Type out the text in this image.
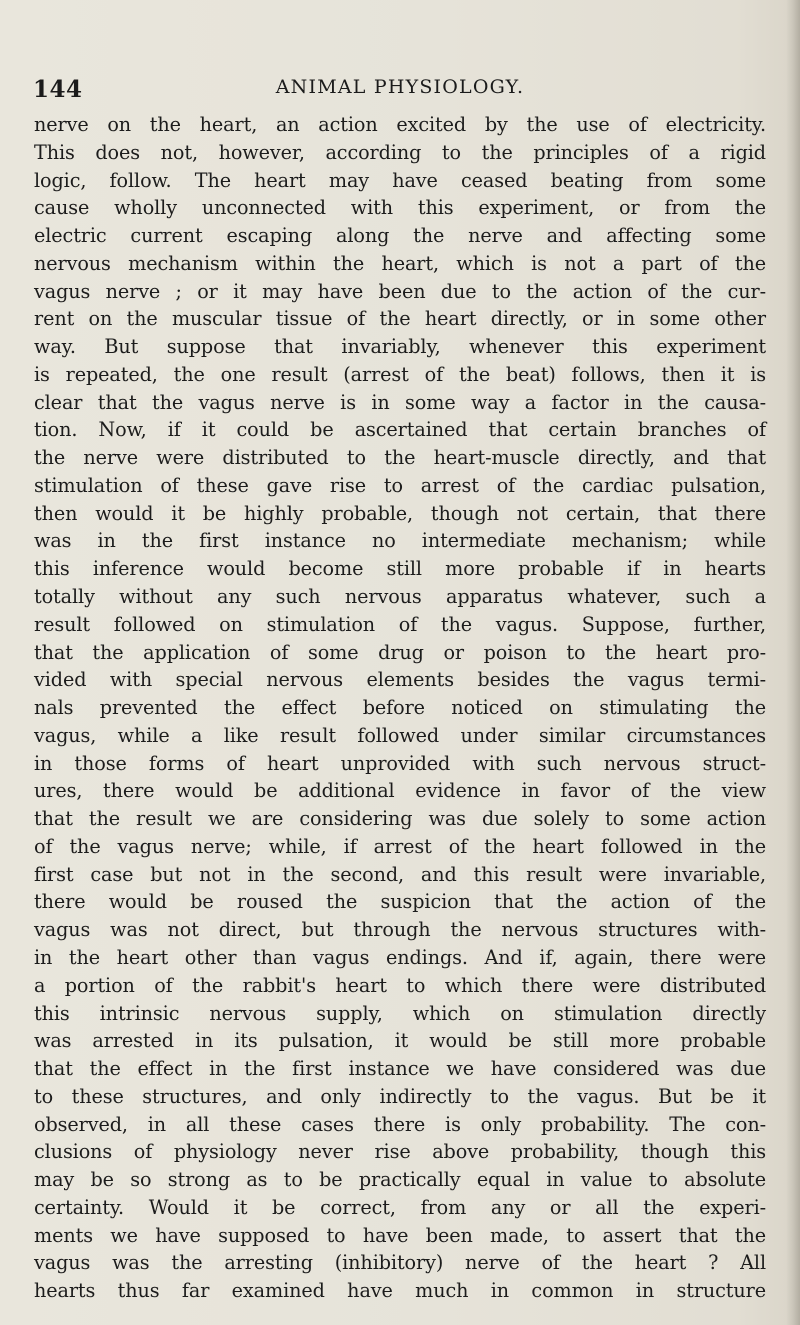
144	ANIMAL PHYSIOLOGY.
nerve on the heart, an action excited by the use of electricity.
This does not, however, according to the principles of a rigid
logic, follow. The heart may have ceased beating from some
cause wholly unconnected with this experiment, or from the
electric current escaping along the nerve and affecting some
nervous mechanism within the heart, which is not a part of the
vagus nerve ; or it may have been due to the action of the cur-
rent on the muscular tissue of the heart directly, or in some other
way. But suppose that invariably, whenever this experiment
is repeated, the one result (arrest of the beat) follows, then it is
clear that the vagus nerve is in some way a factor in the causa-
tion. Now, if it could be ascertained that certain branches of
the nerve were distributed to the heart-muscle directly, and that
stimulation of these gave rise to arrest of the cardiac pulsation,
then would it be highly probable, though not certain, that there
was in the first instance no intermediate mechanism; while
this inference would become still more probable if in hearts
totally without any such nervous apparatus whatever, such a
result followed on stimulation of the vagus. Suppose, further,
that the application of some drug or poison to the heart pro-
vided with special nervous elements besides the vagus termi-
nals prevented the effect before noticed on stimulating the
vagus, while a like result followed under similar circumstances
in those forms of heart unprovided with such nervous struct-
ures, there would be additional evidence in favor of the view
that the result we are considering was due solely to some action
of the vagus nerve; while, if arrest of the heart followed in the
first case but not in the second, and this result were invariable,
there would be roused the suspicion that the action of the
vagus was not direct, but through the nervous structures with-
in the heart other than vagus endings. And if, again, there were
a portion of the rabbit's heart to which there were distributed
this intrinsic nervous supply, which on stimulation directly
was arrested in its pulsation, it would be still more probable
that the effect in the first instance we have considered was due
to these structures, and only indirectly to the vagus. But be it
observed, in all these cases there is only probability. The con-
clusions of physiology never rise above probability, though this
may be so strong as to be practically equal in value to absolute
certainty. Would it be correct, from any or all the experi-
ments we have supposed to have been made, to assert that the
vagus was the arresting (inhibitory) nerve of the heart ? All
hearts thus far examined have much in common in structure
